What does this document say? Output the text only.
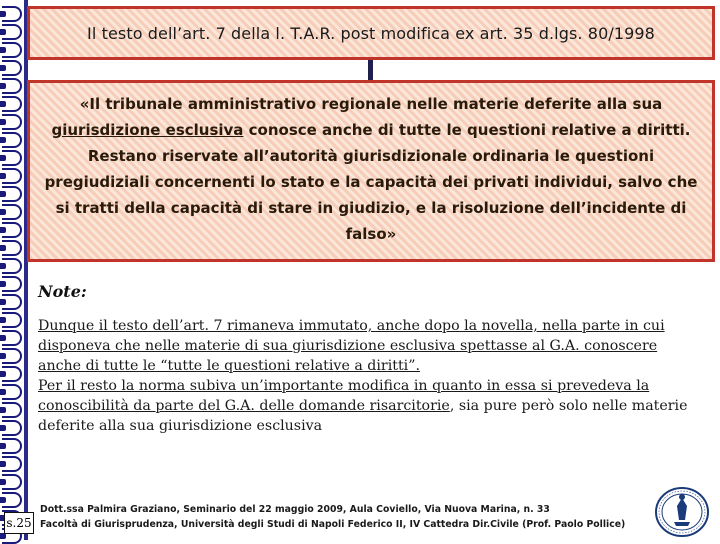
Il testo dell’art. 7 della l. T.A.R. post modifica ex art. 35 d.lgs. 80/1998

«Il tribunale amministrativo regionale nelle materie deferite alla sua giurisdizione esclusiva conosce anche di tutte le questioni relative a diritti. Restano riservate all’autorità giurisdizionale ordinaria le questioni pregiudiziali concernenti lo stato e la capacità dei privati individui, salvo che si tratti della capacità di stare in giudizio, e la risoluzione dell’incidente di falso»

Note:

Dunque il testo dell’art. 7 rimaneva immutato, anche dopo la novella, nella parte in cui disponeva che nelle materie di sua giurisdizione esclusiva spettasse al G.A. conoscere anche di tutte le “tutte le questioni relative a diritti”.

Per il resto la norma subiva un’importante modifica in quanto in essa si prevedeva la conoscibilità da parte del G.A. delle domande risarcitorie, sia pure però solo nelle materie deferite alla sua giurisdizione esclusiva

s.25
Dott.ssa Palmira Graziano, Seminario del 22 maggio 2009, Aula Coviello, Via Nuova Marina, n. 33
Facoltà di Giurisprudenza, Università degli Studi di Napoli Federico II, IV Cattedra Dir.Civile (Prof. Paolo Pollice)
